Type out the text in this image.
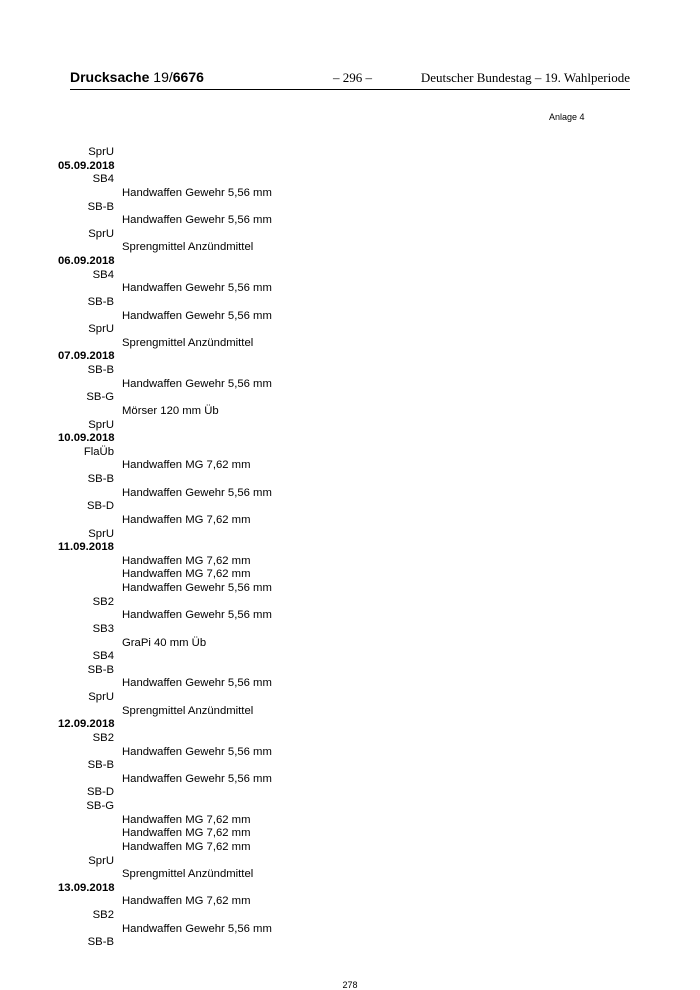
Drucksache 19/6676	– 296 –	Deutscher Bundestag – 19. Wahlperiode
Anlage 4
SprU
05.09.2018
SB4
Handwaffen Gewehr 5,56 mm
SB-B
Handwaffen Gewehr 5,56 mm
SprU
Sprengmittel Anzündmittel
06.09.2018
SB4
Handwaffen Gewehr 5,56 mm
SB-B
Handwaffen Gewehr 5,56 mm
SprU
Sprengmittel Anzündmittel
07.09.2018
SB-B
Handwaffen Gewehr 5,56 mm
SB-G
Mörser 120 mm Üb
SprU
10.09.2018
FlaÜb
Handwaffen MG 7,62 mm
SB-B
Handwaffen Gewehr 5,56 mm
SB-D
Handwaffen MG 7,62 mm
SprU
11.09.2018
Handwaffen MG 7,62 mm
Handwaffen MG 7,62 mm
Handwaffen Gewehr 5,56 mm
SB2
Handwaffen Gewehr 5,56 mm
SB3
GraPi 40 mm Üb
SB4
SB-B
Handwaffen Gewehr 5,56 mm
SprU
Sprengmittel Anzündmittel
12.09.2018
SB2
Handwaffen Gewehr 5,56 mm
SB-B
Handwaffen Gewehr 5,56 mm
SB-D
SB-G
Handwaffen MG 7,62 mm
Handwaffen MG 7,62 mm
Handwaffen MG 7,62 mm
SprU
Sprengmittel Anzündmittel
13.09.2018
Handwaffen MG 7,62 mm
SB2
Handwaffen Gewehr 5,56 mm
SB-B
278
